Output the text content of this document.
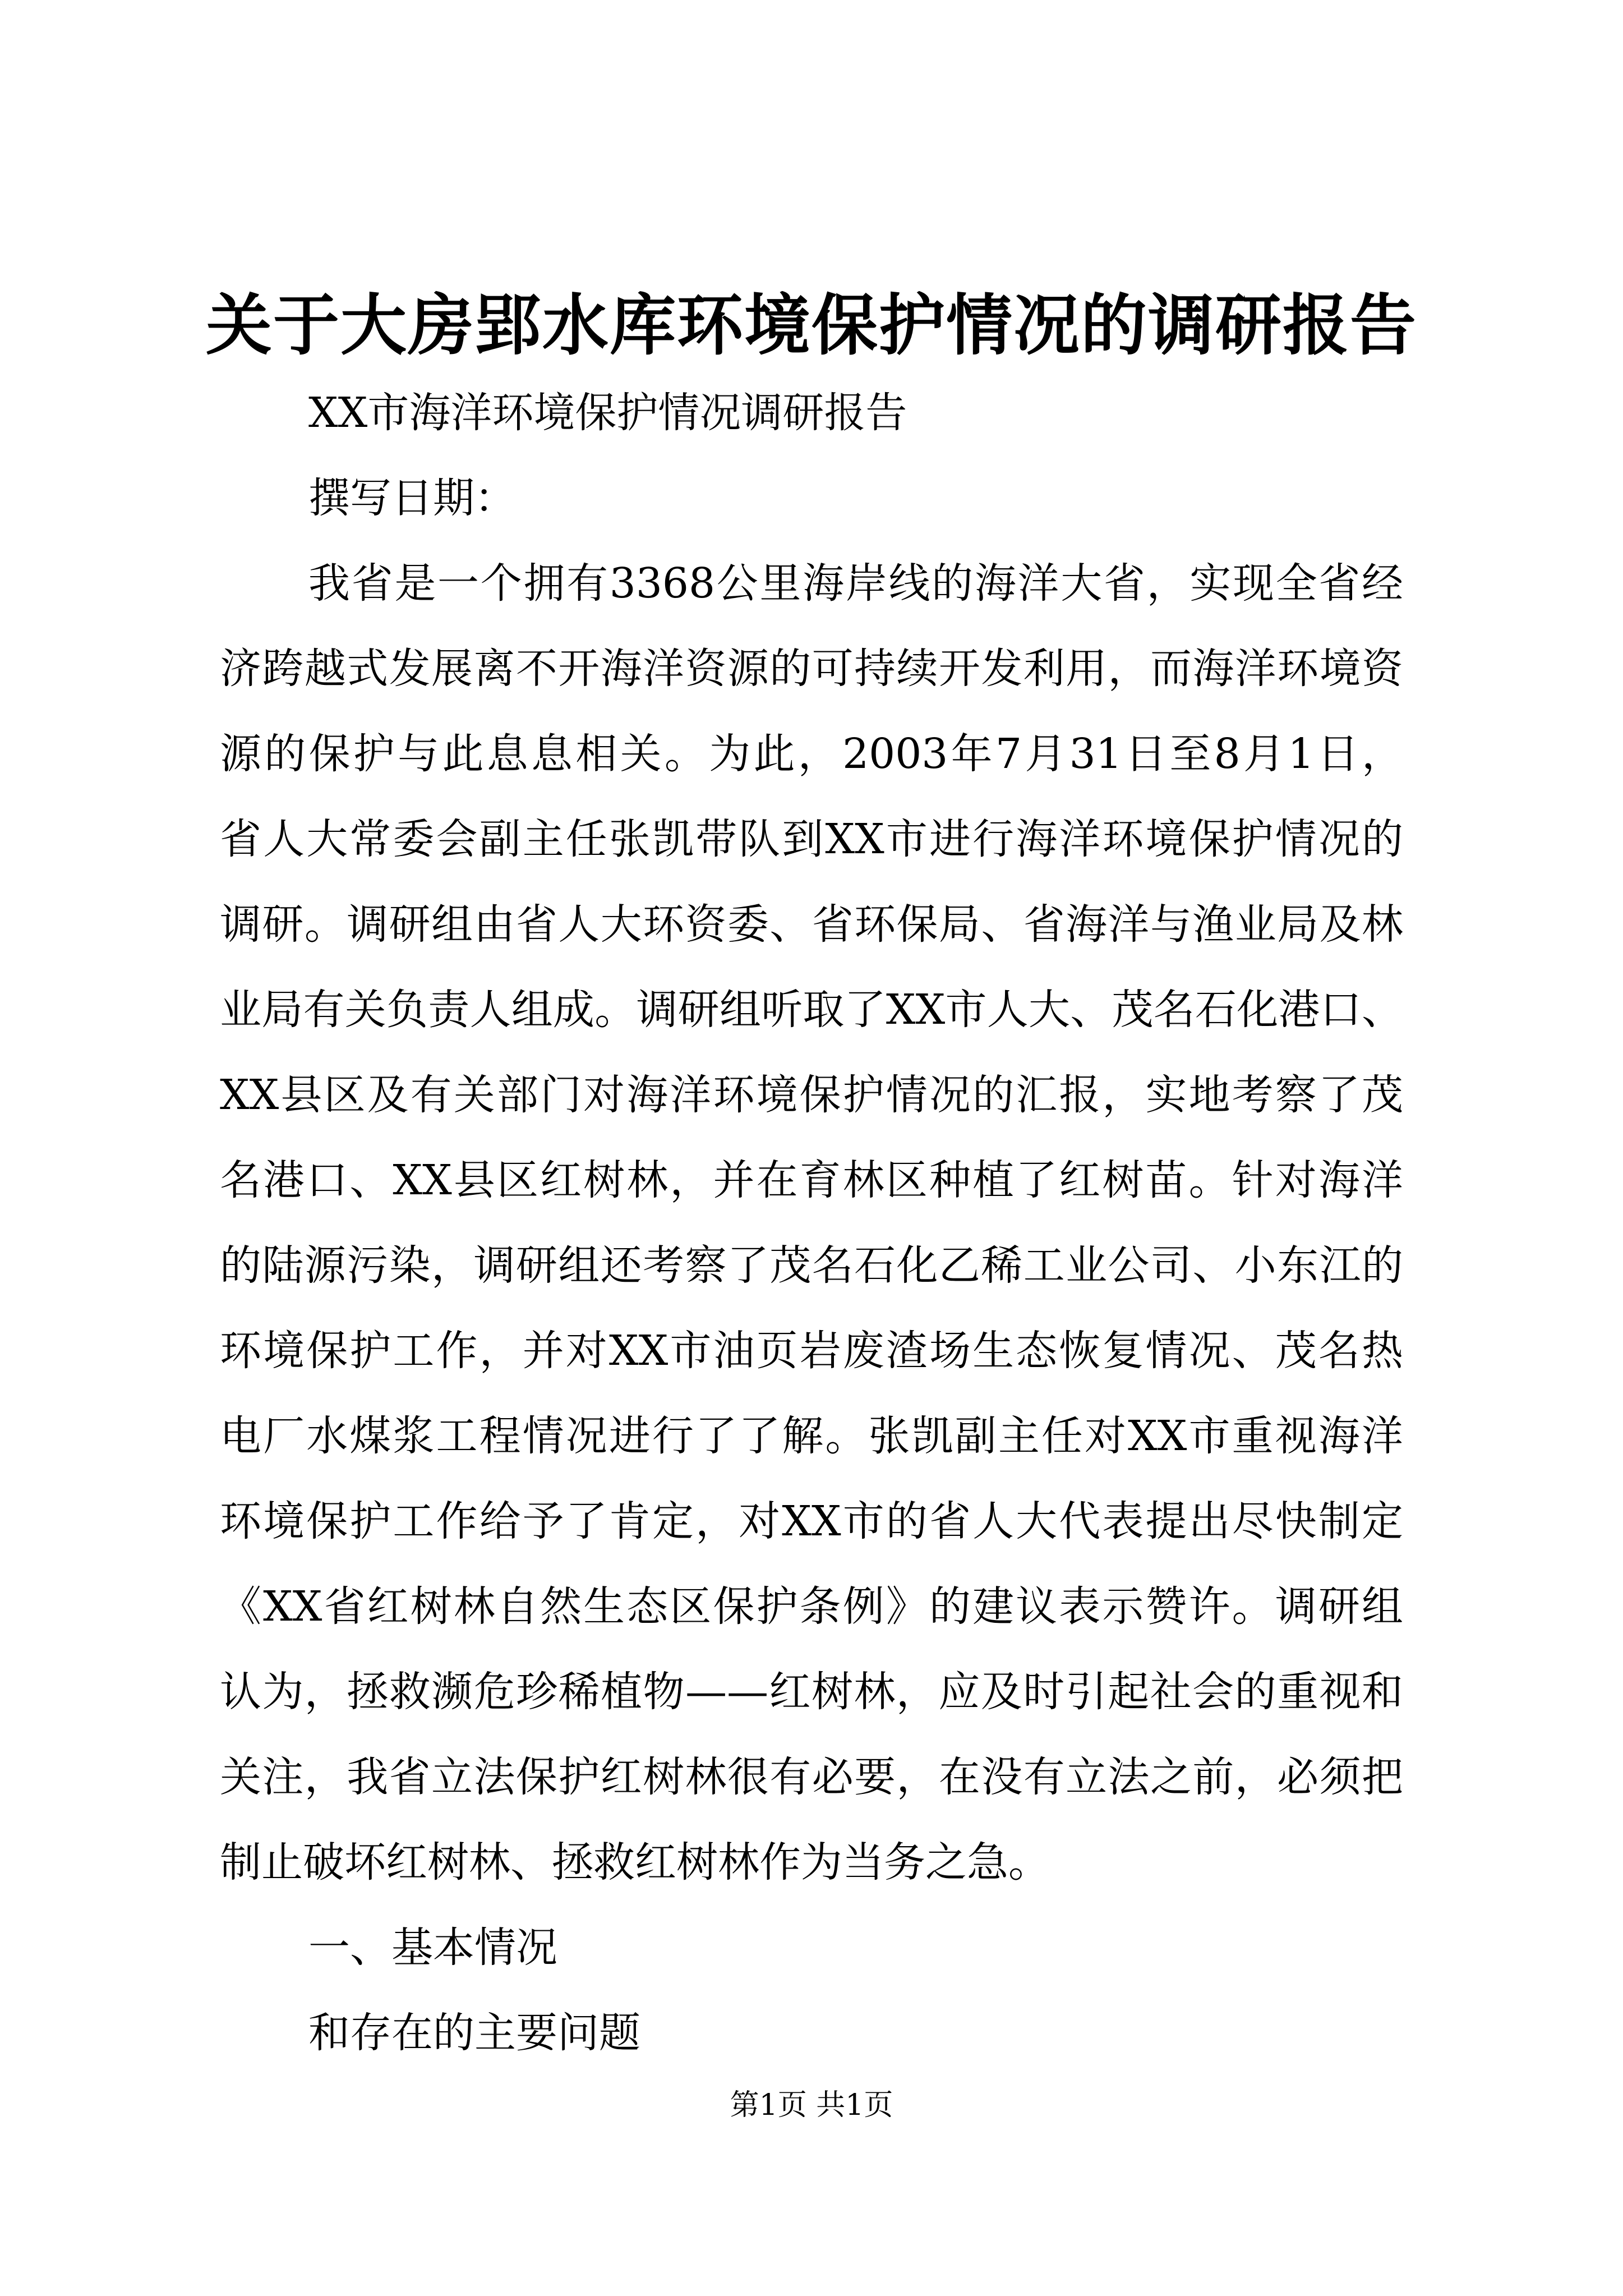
关于大房郢水库环境保护情况的调研报告
XX市海洋环境保护情况调研报告
撰写日期：
我省是一个拥有3368公里海岸线的海洋大省，实现全省经
济跨越式发展离不开海洋资源的可持续开发利用，而海洋环境资
源的保护与此息息相关。为此，2003年7月31日至8月1日，
省人大常委会副主任张凯带队到XX市进行海洋环境保护情况的
调研。调研组由省人大环资委、省环保局、省海洋与渔业局及林
业局有关负责人组成。调研组听取了XX市人大、茂名石化港口、
XX县区及有关部门对海洋环境保护情况的汇报，实地考察了茂
名港口、XX县区红树林，并在育林区种植了红树苗。针对海洋
的陆源污染，调研组还考察了茂名石化乙稀工业公司、小东江的
环境保护工作，并对XX市油页岩废渣场生态恢复情况、茂名热
电厂水煤浆工程情况进行了了解。张凯副主任对XX市重视海洋
环境保护工作给予了肯定，对XX市的省人大代表提出尽快制定
《XX省红树林自然生态区保护条例》的建议表示赞许。调研组
认为，拯救濒危珍稀植物——红树林，应及时引起社会的重视和
关注，我省立法保护红树林很有必要，在没有立法之前，必须把
制止破坏红树林、拯救红树林作为当务之急。
一、基本情况
和存在的主要问题
第1页 共1页
